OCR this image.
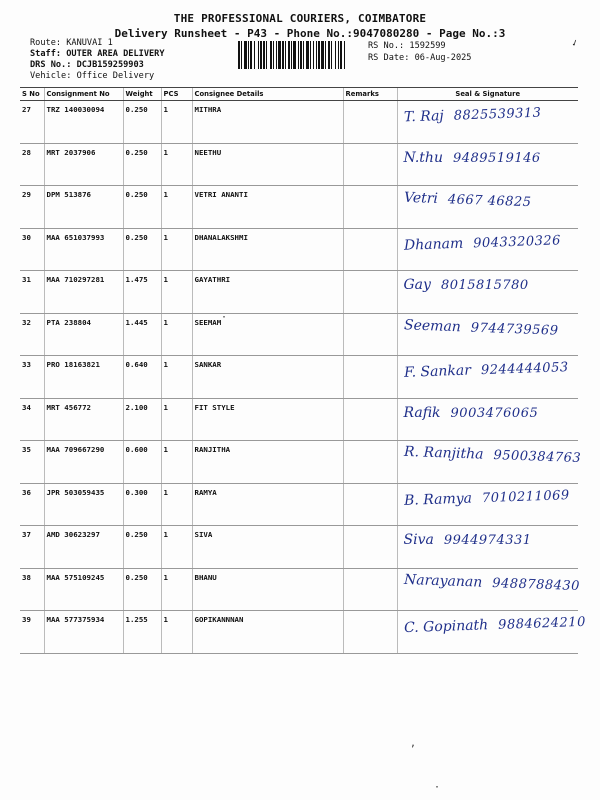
THE PROFESSIONAL COURIERS, COIMBATORE
Delivery Runsheet - P43 - Phone No.:9047080280 - Page No.:3
Route: KANUVAI 1
Staff: OUTER AREA DELIVERY
DRS No.: DCJB159259903
Vehicle: Office Delivery
RS No.: 1592599
RS Date: 06-Aug-2025
✓
S No	Consignment No	Weight	PCS	Consignee Details	Remarks	Seal & Signature
27	TRZ 140030094	0.250	1	MITHRA		T. Raj 8825539313

28	MRT 2037906	0.250	1	NEETHU		N.thu 9489519146

29	DPM 513876	0.250	1	VETRI ANANTI		Vetri 4667 46825

30	MAA 651037993	0.250	1	DHANALAKSHMI		Dhanam 9043320326

31	MAA 710297281	1.475	1	GAYATHRI		Gay 8015815780

32	PTA 238804	1.445	1	SEEMAM		Seeman 9744739569

33	PRO 18163821	0.640	1	SANKAR		F. Sankar 9244444053

34	MRT 456772	2.100	1	FIT STYLE		Rafik 9003476065

35	MAA 709667290	0.600	1	RANJITHA		R. Ranjitha 9500384763

36	JPR 503059435	0.300	1	RAMYA		B. Ramya 7010211069

37	AMD 30623297	0.250	1	SIVA		Siva 9944974331

38	MAA 575109245	0.250	1	BHANU		Narayanan 9488788430

39	MAA 577375934	1.255	1	GOPIKANNNAN		C. Gopinath 9884624210
·
,
·
